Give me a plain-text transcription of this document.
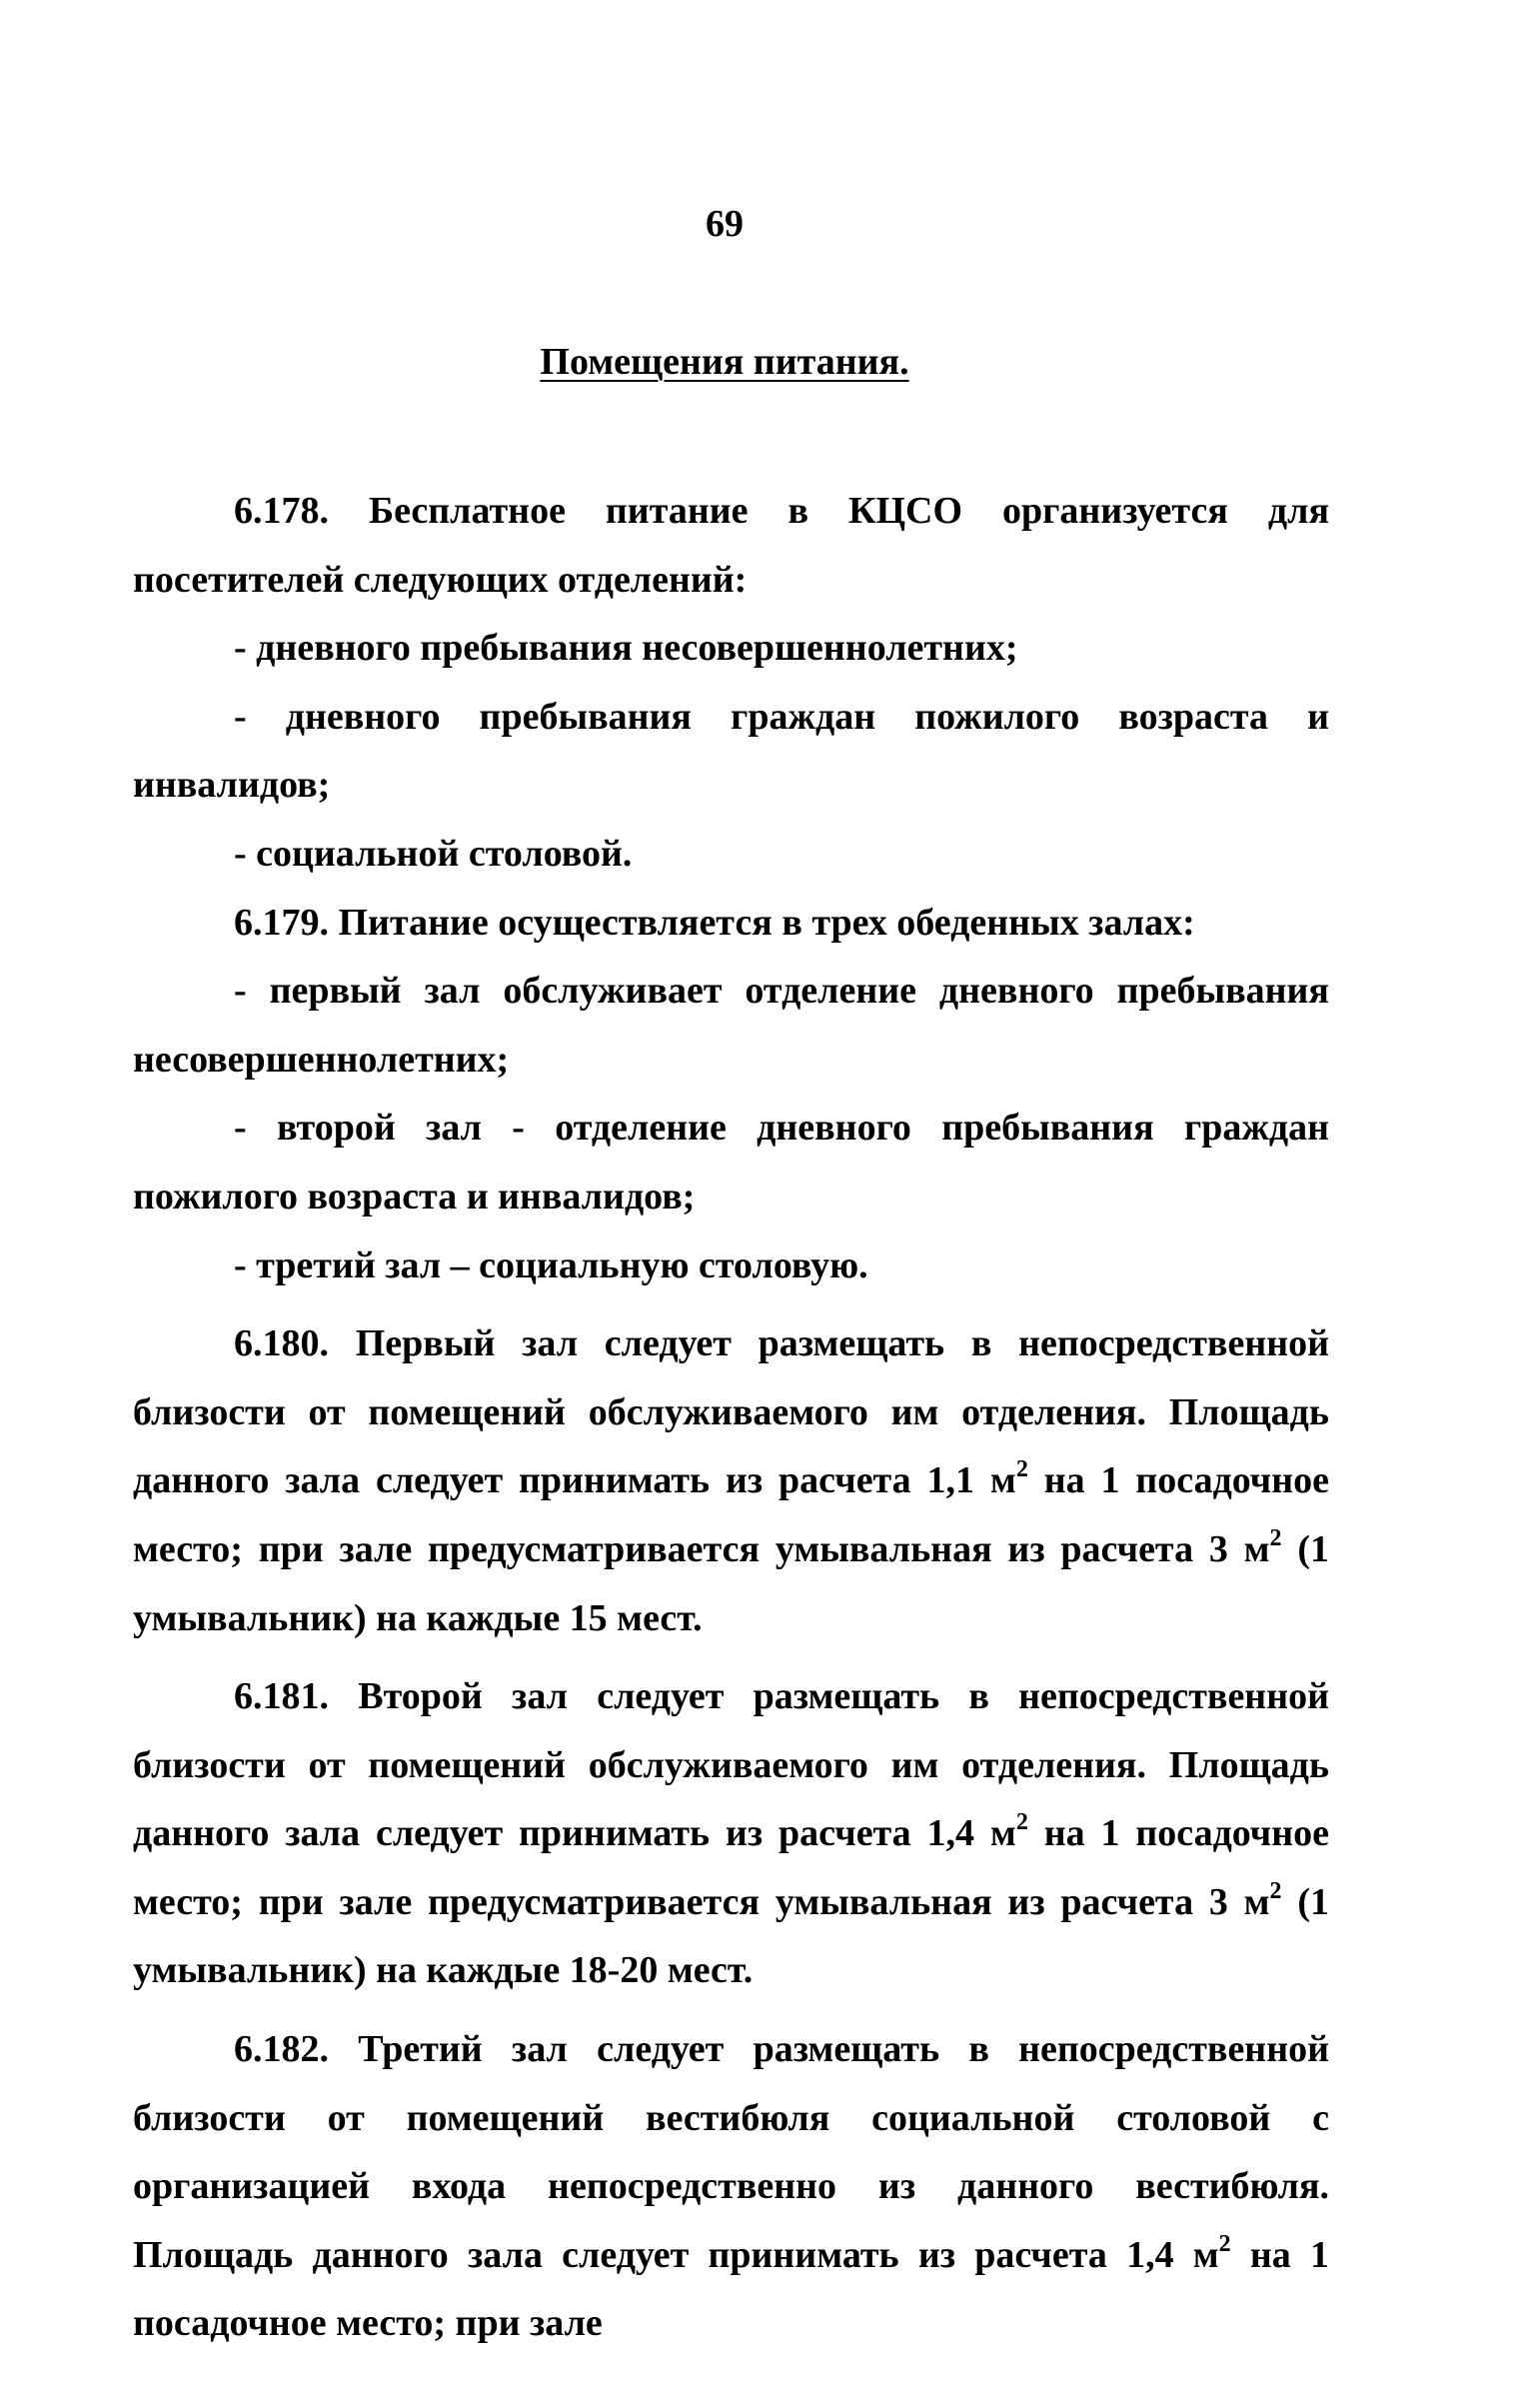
69
Помещения питания.

6.178. Бесплатное питание в КЦСО организуется для посетителей следующих отделений:

- дневного пребывания несовершеннолетних;

- дневного пребывания граждан пожилого возраста и инвалидов;

- социальной столовой.

6.179. Питание осуществляется в трех обеденных залах:

- первый зал обслуживает отделение дневного пребывания несовершеннолетних;

- второй зал - отделение дневного пребывания граждан пожилого возраста и инвалидов;

- третий зал – социальную столовую.

6.180. Первый зал следует размещать в непосредственной близости от помещений обслуживаемого им отделения. Площадь данного зала следует принимать из расчета 1,1 $м^2$ на 1 посадочное место; при зале предусматривается умывальная из расчета 3 $м^2$ (1 умывальник) на каждые 15 мест.

6.181. Второй зал следует размещать в непосредственной близости от помещений обслуживаемого им отделения. Площадь данного зала следует принимать из расчета 1,4 $м^2$ на 1 посадочное место; при зале предусматривается умывальная из расчета 3 $м^2$ (1 умывальник) на каждые 18-20 мест.

6.182. Третий зал следует размещать в непосредственной близости от помещений вестибюля социальной столовой с организацией входа непосредственно из данного вестибюля. Площадь данного зала следует принимать из расчета 1,4 $м^2$ на 1 посадочное место; при зале
